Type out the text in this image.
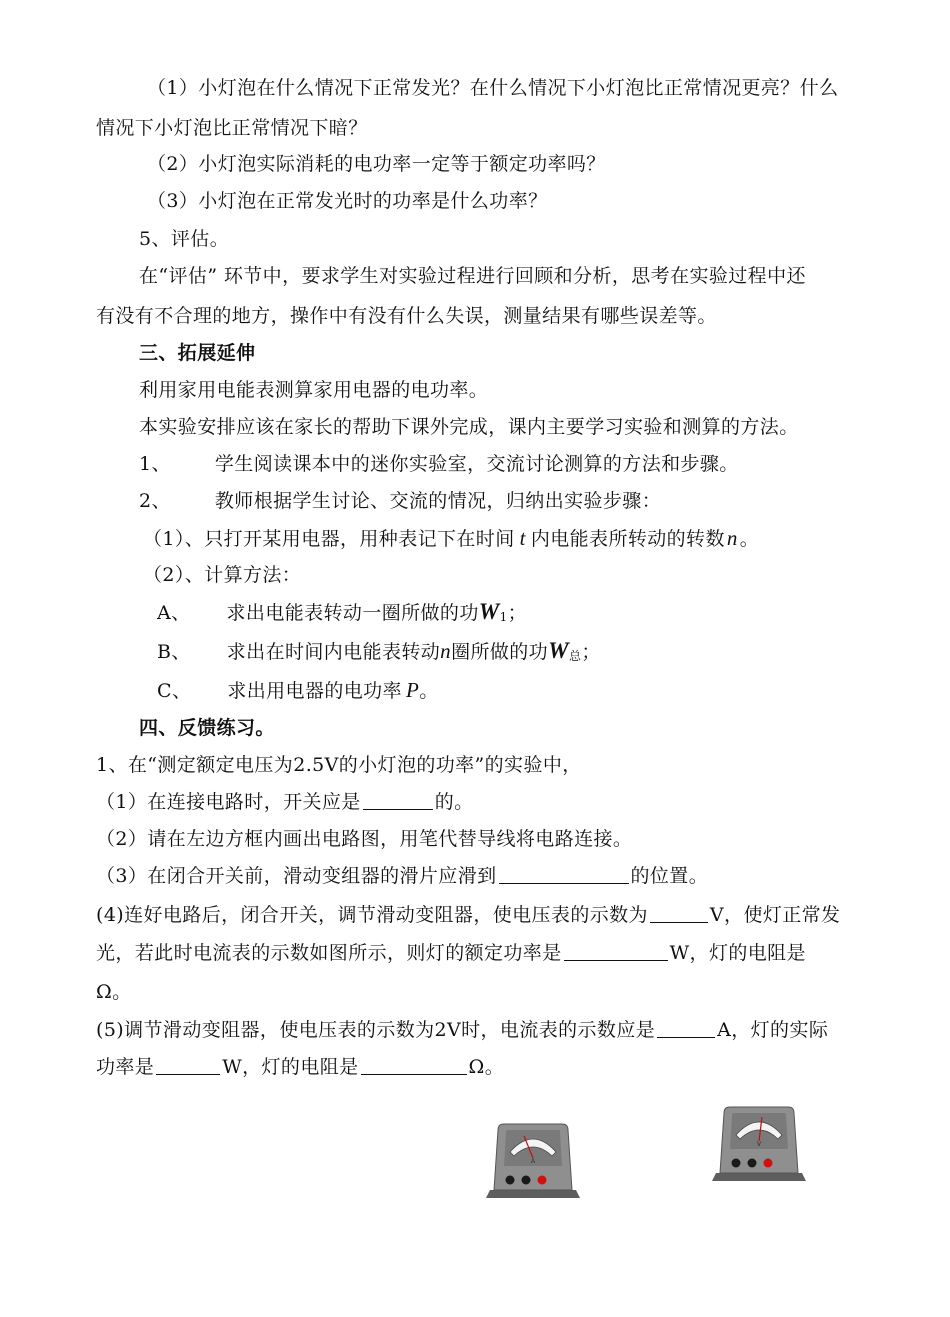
（1）小灯泡在什么情况下正常发光？在什么情况下小灯泡比正常情况更亮？什么
情况下小灯泡比正常情况下暗？
（2）小灯泡实际消耗的电功率一定等于额定功率吗？
（3）小灯泡在正常发光时的功率是什么功率？
5、评估。
在“评估” 环节中，要求学生对实验过程进行回顾和分析，思考在实验过程中还
有没有不合理的地方，操作中有没有什么失误，测量结果有哪些误差等。
三、拓展延伸
利用家用电能表测算家用电器的电功率。
本实验安排应该在家长的帮助下课外完成，课内主要学习实验和测算的方法。
1、 学生阅读课本中的迷你实验室，交流讨论测算的方法和步骤。
2、 教师根据学生讨论、交流的情况，归纳出实验步骤：
（1）、只打开某用电器，用种表记下在时间 t 内电能表所转动的转数n 。
（2）、计算方法：
A、 求出电能表转动一圈所做的功W1；
B、 求出在时间内电能表转动n圈所做的功W总；
C、 求出用电器的电功率 P。
四、反馈练习。
1、在“测定额定电压为2.5V的小灯泡的功率”的实验中，
（1）在连接电路时，开关应是	的。
（2）请在左边方框内画出电路图，用笔代替导线将电路连接。
（3）在闭合开关前，滑动变组器的滑片应滑到	的位置。
(4)连好电路后，闭合开关，调节滑动变阻器，使电压表的示数为	V，使灯正常发
光，若此时电流表的示数如图所示，则灯的额定功率是	W，灯的电阻是
Ω。
(5)调节滑动变阻器，使电压表的示数为2V时，电流表的示数应是	A，灯的实际
功率是	W，灯的电阻是	Ω。
A
V
